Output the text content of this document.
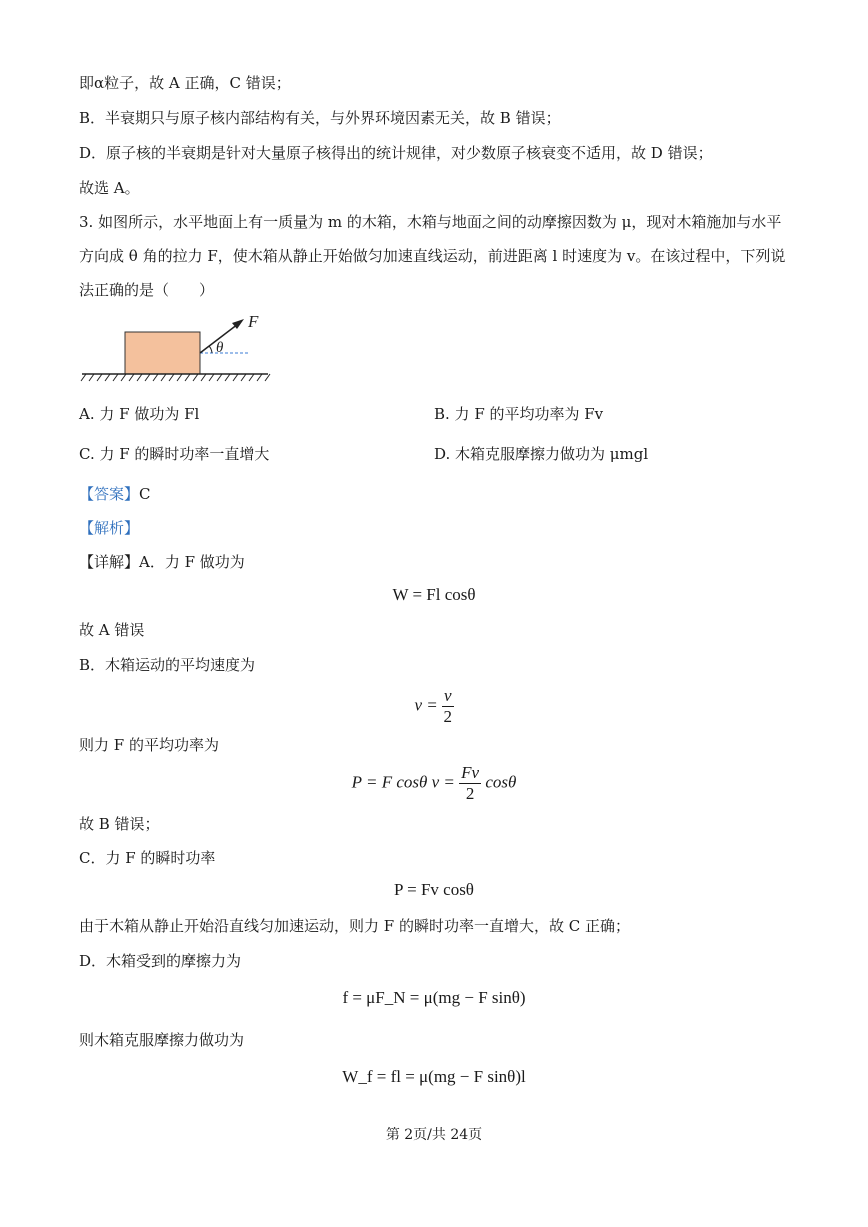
即α粒子，故 A 正确，C 错误；
B．半衰期只与原子核内部结构有关，与外界环境因素无关，故 B 错误；
D．原子核的半衰期是针对大量原子核得出的统计规律，对少数原子核衰变不适用，故 D 错误；
故选 A。
3. 如图所示，水平地面上有一质量为 m 的木箱，木箱与地面之间的动摩擦因数为 μ，现对木箱施加与水平
方向成 θ 角的拉力 F，使木箱从静止开始做匀加速直线运动，前进距离 l 时速度为 v。在该过程中，下列说
法正确的是（　　）
F
θ
A. 力 F 做功为 Fl	B. 力 F 的平均功率为 Fv
C. 力 F 的瞬时功率一直增大	D. 木箱克服摩擦力做功为 μmgl
【答案】C
【解析】
【详解】A．力 F 做功为
W = Fl cosθ
故 A 错误
B．木箱运动的平均速度为
$v = \frac{v}{2}$
则力 F 的平均功率为
P = F cosθ $v = \frac{Fv}{2}$ cosθ
故 B 错误；
C．力 F 的瞬时功率
P = Fv cosθ
由于木箱从静止开始沿直线匀加速运动，则力 F 的瞬时功率一直增大，故 C 正确；
D．木箱受到的摩擦力为
f = μF_N = μ(mg − F sinθ)
则木箱克服摩擦力做功为
W_f = fl = μ(mg − F sinθ)l
第 2页/共 24页
